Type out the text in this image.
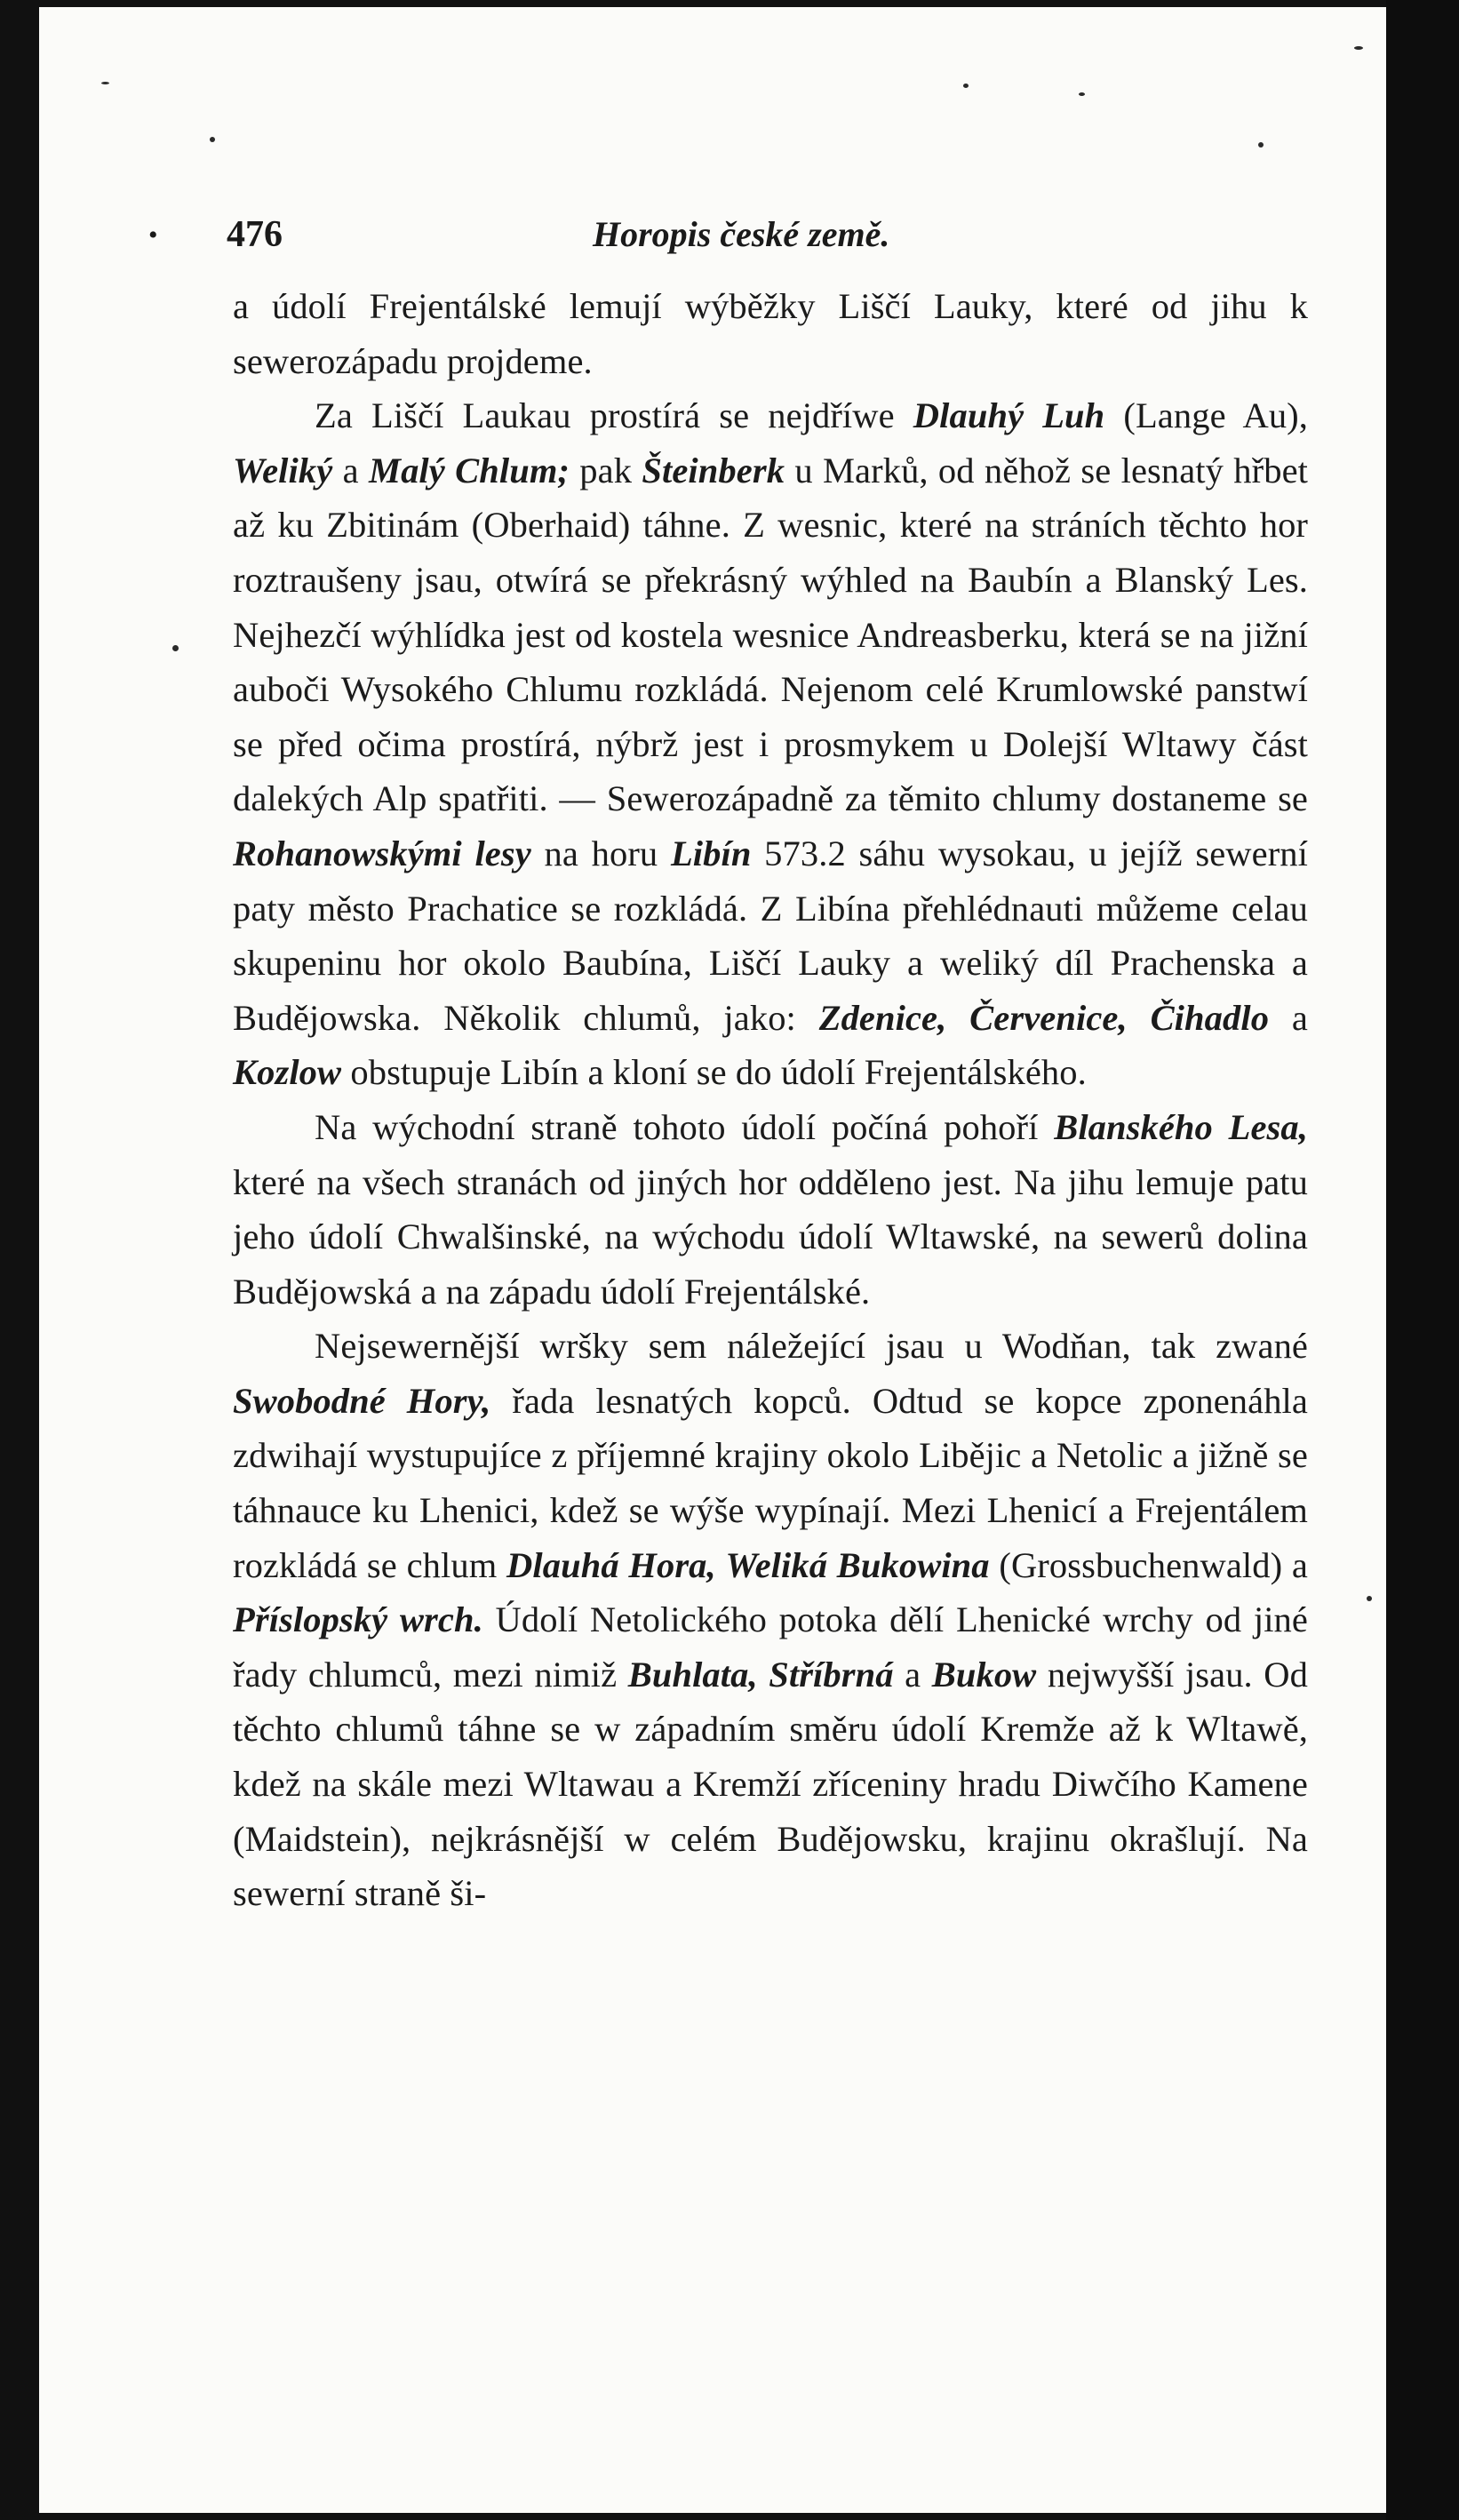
• 476	Horopis české země.

a údolí Frejentálské lemují wýběžky Liščí Lauky, které od jihu k sewerozápadu projdeme.

Za Liščí Laukau prostírá se nejdříwe Dlauhý Luh (Lange Au), Weliký a Malý Chlum; pak Šteinberk u Marků, od něhož se lesnatý hřbet až ku Zbitinám (Oberhaid) táhne. Z wesnic, které na stráních těchto hor roztraušeny jsau, otwírá se překrásný wýhled na Baubín a Blanský Les. Nejhezčí wýhlídka jest od kostela wesnice Andreasberku, která se na jižní auboči Wysokého Chlumu rozkládá. Nejenom celé Krumlowské panstwí se před očima prostírá, nýbrž jest i prosmykem u Dolejší Wltawy část dalekých Alp spatřiti. — Sewerozápadně za těmito chlumy dostaneme se Rohanowskými lesy na horu Libín 573.2 sáhu wysokau, u jejíž sewerní paty město Prachatice se rozkládá. Z Libína přehlédnauti můžeme celau skupeninu hor okolo Baubína, Liščí Lauky a weliký díl Prachenska a Budějowska. Několik chlumů, jako: Zdenice, Červenice, Čihadlo a Kozlow obstupuje Libín a kloní se do údolí Frejentálského.

Na wýchodní straně tohoto údolí počíná pohoří Blanského Lesa, které na všech stranách od jiných hor odděleno jest. Na jihu lemuje patu jeho údolí Chwalšinské, na wýchodu údolí Wltawské, na sewerů dolina Budějowská a na západu údolí Frejentálské.

Nejsewernější wršky sem náležející jsau u Wodňan, tak zwané Swobodné Hory, řada lesnatých kopců. Odtud se kopce zponenáhla zdwihají wystupujíce z příjemné krajiny okolo Libějic a Netolic a jižně se táhnauce ku Lhenici, kdež se wýše wypínají. Mezi Lhenicí a Frejentálem rozkládá se chlum Dlauhá Hora, Weliká Bukowina (Grossbuchenwald) a Příslopský wrch. Údolí Netolického potoka dělí Lhenické wrchy od jiné řady chlumců, mezi nimiž Buhlata, Stříbrná a Bukow nejwyšší jsau. Od těchto chlumů táhne se w západním směru údolí Kremže až k Wltawě, kdež na skále mezi Wltawau a Kremží zříceniny hradu Diwčího Kamene (Maidstein), nejkrásnější w celém Budějowsku, krajinu okrašlují. Na sewerní straně ši-
